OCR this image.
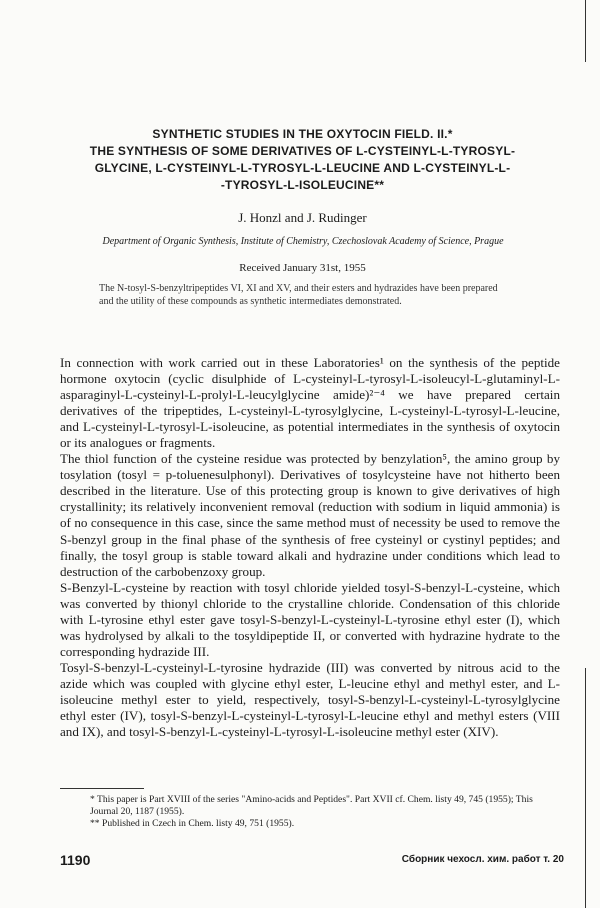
SYNTHETIC STUDIES IN THE OXYTOCIN FIELD. II.*
THE SYNTHESIS OF SOME DERIVATIVES OF L-CYSTEINYL-L-TYROSYL-
GLYCINE, L-CYSTEINYL-L-TYROSYL-L-LEUCINE AND L-CYSTEINYL-L-
-TYROSYL-L-ISOLEUCINE**
J. Honzl and J. Rudinger
Department of Organic Synthesis, Institute of Chemistry, Czechoslovak Academy of Science, Prague
Received January 31st, 1955
The N-tosyl-S-benzyltripeptides VI, XI and XV, and their esters and hydrazides have been prepared and the utility of these compounds as synthetic intermediates demonstrated.

In connection with work carried out in these Laboratories¹ on the synthesis of the peptide hormone oxytocin (cyclic disulphide of L-cysteinyl-L-tyrosyl-L-isoleucyl-L-glutaminyl-L-asparaginyl-L-cysteinyl-L-prolyl-L-leucylglycine amide)²⁻⁴ we have prepared certain derivatives of the tripeptides, L-cysteinyl-L-tyrosylglycine, L-cysteinyl-L-tyrosyl-L-leucine, and L-cysteinyl-L-tyrosyl-L-isoleucine, as potential intermediates in the synthesis of oxytocin or its analogues or fragments.

The thiol function of the cysteine residue was protected by benzylation⁵, the amino group by tosylation (tosyl = p-toluenesulphonyl). Derivatives of tosylcysteine have not hitherto been described in the literature. Use of this protecting group is known to give derivatives of high crystallinity; its relatively inconvenient removal (reduction with sodium in liquid ammonia) is of no consequence in this case, since the same method must of necessity be used to remove the S-benzyl group in the final phase of the synthesis of free cysteinyl or cystinyl peptides; and finally, the tosyl group is stable toward alkali and hydrazine under conditions which lead to destruction of the carbobenzoxy group.

S-Benzyl-L-cysteine by reaction with tosyl chloride yielded tosyl-S-benzyl-L-cysteine, which was converted by thionyl chloride to the crystalline chloride. Condensation of this chloride with L-tyrosine ethyl ester gave tosyl-S-benzyl-L-cysteinyl-L-tyrosine ethyl ester (I), which was hydrolysed by alkali to the tosyldipeptide II, or converted with hydrazine hydrate to the corresponding hydrazide III.

Tosyl-S-benzyl-L-cysteinyl-L-tyrosine hydrazide (III) was converted by nitrous acid to the azide which was coupled with glycine ethyl ester, L-leucine ethyl and methyl ester, and L-isoleucine methyl ester to yield, respectively, tosyl-S-benzyl-L-cysteinyl-L-tyrosylglycine ethyl ester (IV), tosyl-S-benzyl-L-cysteinyl-L-tyrosyl-L-leucine ethyl and methyl esters (VIII and IX), and tosyl-S-benzyl-L-cysteinyl-L-tyrosyl-L-isoleucine methyl ester (XIV).

* This paper is Part XVIII of the series "Amino-acids and Peptides". Part XVII cf. Chem. listy 49, 745 (1955); This Journal 20, 1187 (1955).

** Published in Czech in Chem. listy 49, 751 (1955).

1190	Сборник чехосл. хим. работ т. 20
